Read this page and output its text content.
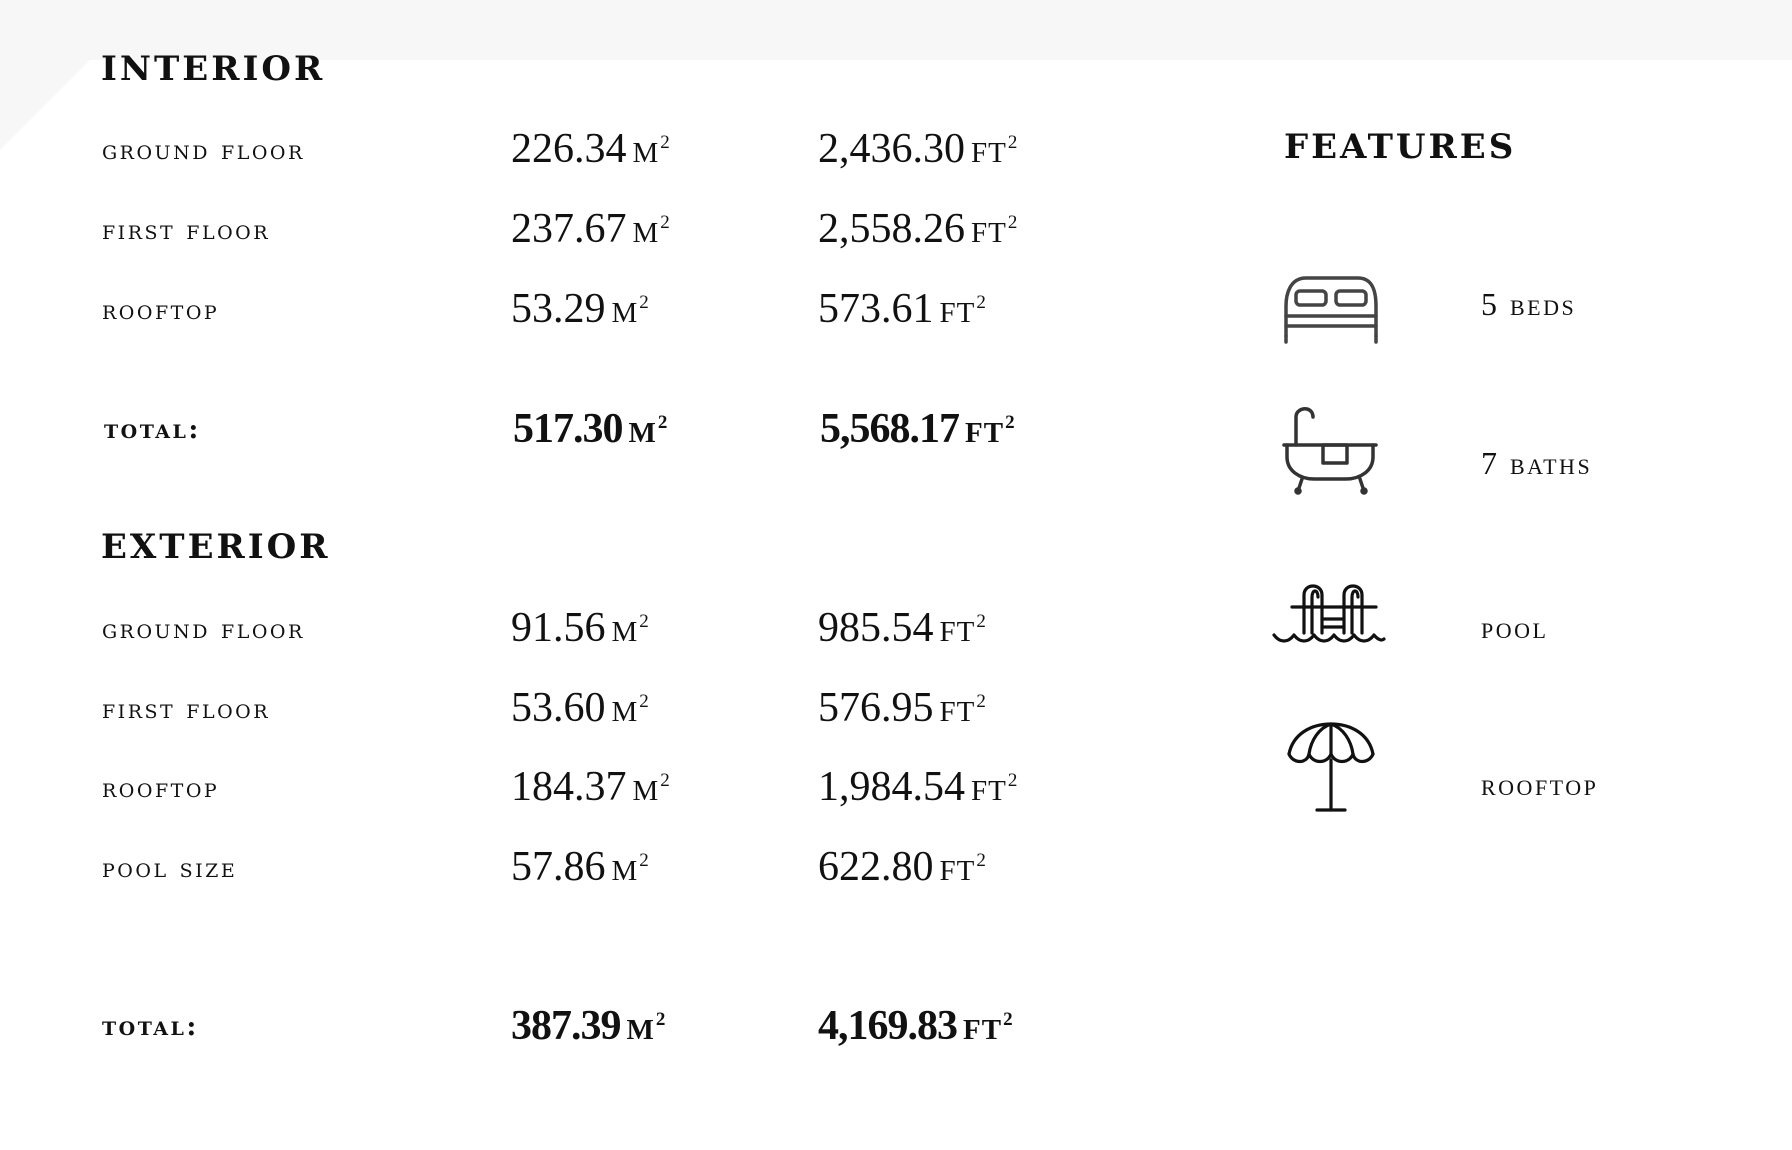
INTERIOR
ground floor	226.34 $M^2$	2,436.30 $FT^2$
first floor	237.67 $M^2$	2,558.26 $FT^2$
rooftop	53.29 $M^2$	573.61 $FT^2$
total:	517.30 $M^2$	5,568.17 $FT^2$
EXTERIOR
ground floor	91.56 $M^2$	985.54 $FT^2$
first floor	53.60 $M^2$	576.95 $FT^2$
rooftop	184.37 $M^2$	1,984.54 $FT^2$
pool size	57.86 $M^2$	622.80 $FT^2$
total:	387.39 $M^2$	4,169.83 $FT^2$
FEATURES
5 beds
7 baths
pool
rooftop
